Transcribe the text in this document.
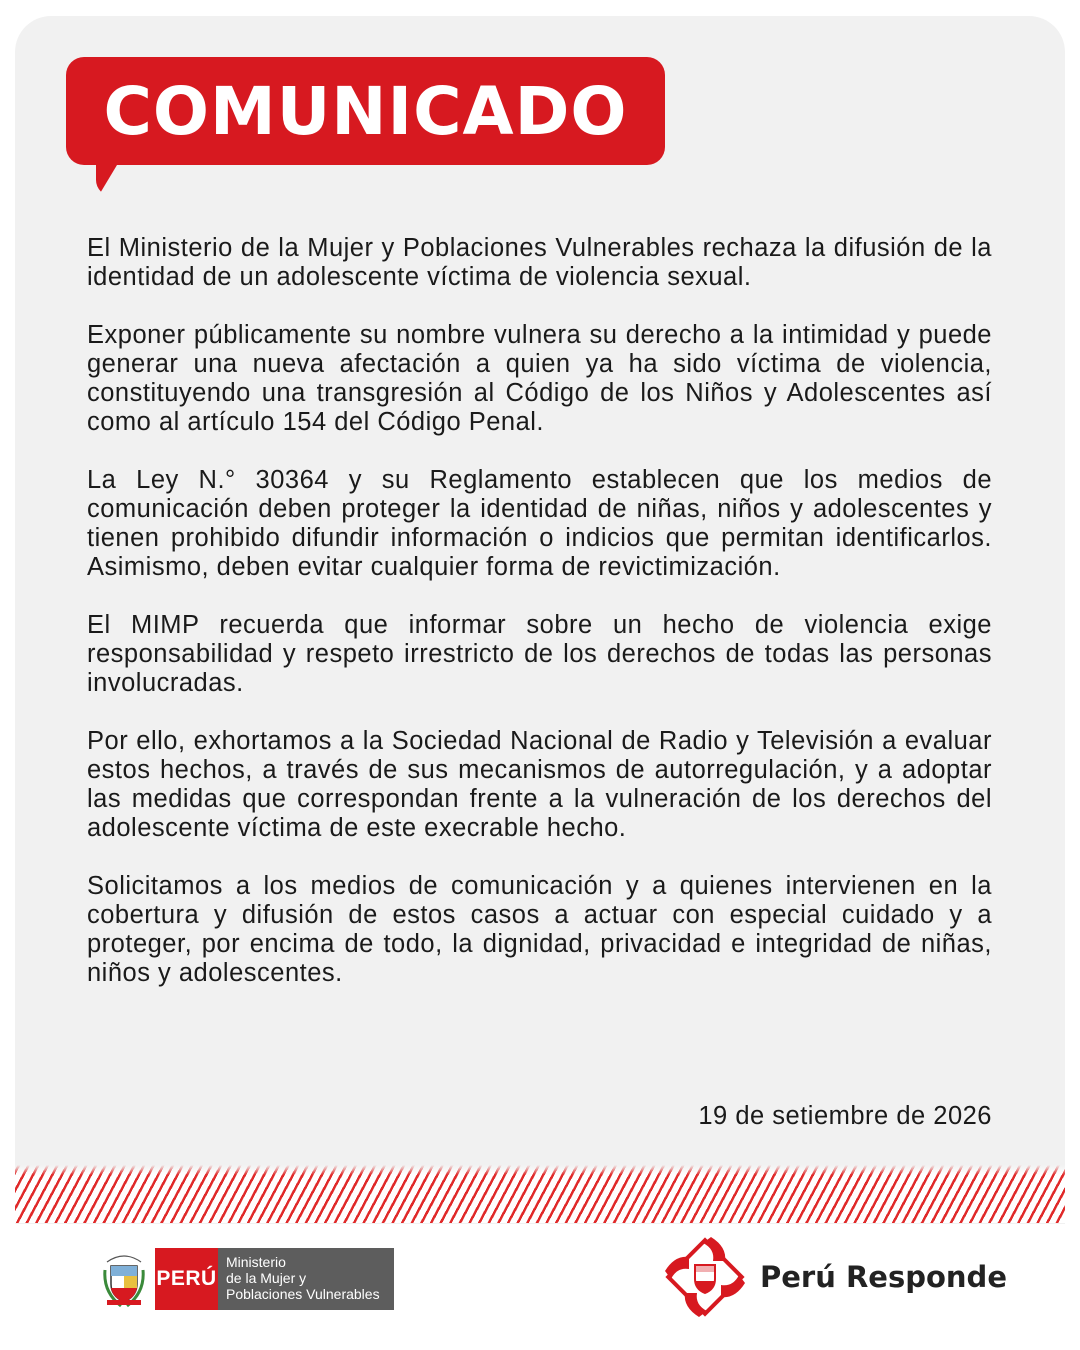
COMUNICADO

El Ministerio de la Mujer y Poblaciones Vulnerables rechaza la difusión de la identidad de un adolescente víctima de violencia sexual.

Exponer públicamente su nombre vulnera su derecho a la intimidad y puede generar una nueva afectación a quien ya ha sido víctima de violencia, constituyendo una transgresión al Código de los Niños y Adolescentes así como al artículo 154 del Código Penal.

La Ley N.° 30364 y su Reglamento establecen que los medios de comunicación deben proteger la identidad de niñas, niños y adolescentes y tienen prohibido difundir información o indicios que permitan identificarlos. Asimismo, deben evitar cualquier forma de revictimización.

El MIMP recuerda que informar sobre un hecho de violencia exige responsabilidad y respeto irrestricto de los derechos de todas las personas involucradas.

Por ello, exhortamos a la Sociedad Nacional de Radio y Televisión a evaluar estos hechos, a través de sus mecanismos de autorregulación, y a adoptar las medidas que correspondan frente a la vulneración de los derechos del adolescente víctima de este execrable hecho.

Solicitamos a los medios de comunicación y a quienes intervienen en la cobertura y difusión de estos casos a actuar con especial cuidado y a proteger, por encima de todo, la dignidad, privacidad e integridad de niñas, niños y adolescentes.

19 de setiembre de 2026
PERÚ
Ministerio
de la Mujer y
Poblaciones Vulnerables	Perú Responde
